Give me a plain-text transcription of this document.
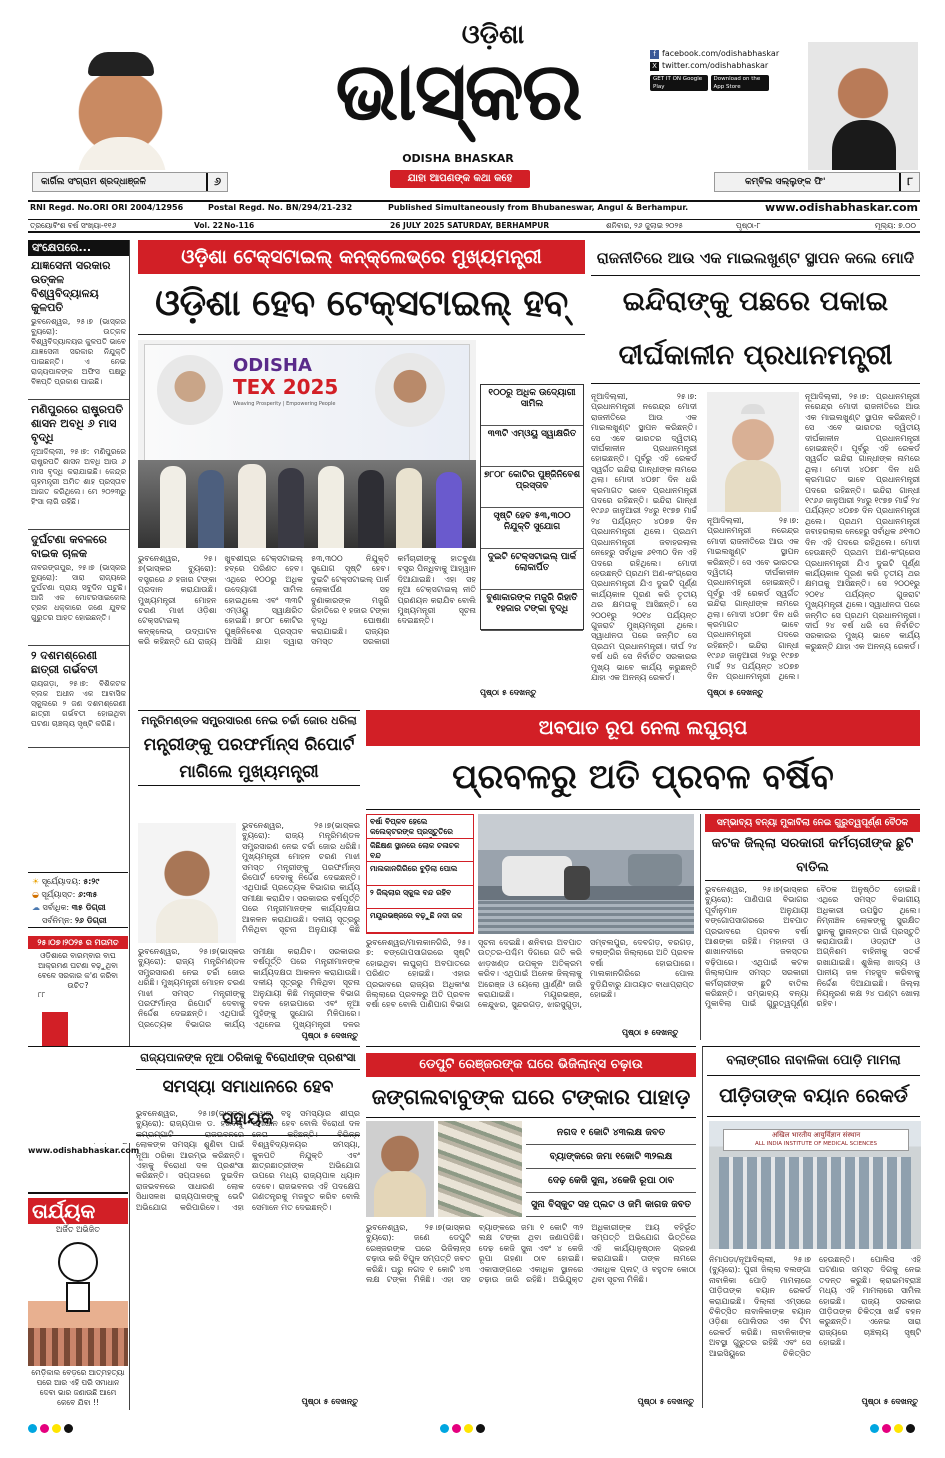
କାର୍ଗିଲ ସଂଗ୍ରାମ ଶ୍ରଦ୍ଧାଞ୍ଜଳି	୬
ଓଡ଼ିଶା
ଭାସ୍କର
ODISHA BHASKAR
ଯାହା ଆପଣଙ୍କ କଥା କହେ
f facebook.com/odishabhaskar
X twitter.com/odishabhaskar
GET IT ON Google Play Download on the App Store
କମ୍‌ବିଲ ସଲ୍ଲୁଙ୍କ ଫି'	୮
RNI Regd. No.ORI ORI 2004/12956	Postal Regd. No. BN/294/21-232	Published Simultaneously from Bhubaneswar, Angul & Berhampur.	www.odishabhaskar.com
ତ୍ରୟୋବିଂଶ ବର୍ଷ ସଂଖ୍ୟା-୧୧୬	Vol. 22 No-116	26 JULY 2025 SATURDAY, BERHAMPUR	ଶନିବାର, ୨୬ ଜୁଲାଇ ୨୦୨୫	ପୃଷ୍ଠା-୮	ମୂଲ୍ୟ: ୭.୦୦
ସଂକ୍ଷେପରେ...
ଯାଜ୍ଞସେନୀ ସରକାର ଉତ୍କଳ ବିଶ୍ୱବିଦ୍ୟାଳୟ କୁଳପତି
ଭୁବନେଶ୍ୱର, ୨୫।୭ (ଭାସ୍କର ବ୍ୟୁରୋ): ଉତ୍କଳ ବିଶ୍ୱବିଦ୍ୟାଳୟର କୁଳପତି ଭାବେ ଯାଜ୍ଞସେନୀ ସରକାର ନିଯୁକ୍ତି ପାଇଛନ୍ତି। ଏ ନେଇ ରାଜ୍ୟପାଳଙ୍କ ଅଫିସ ପକ୍ଷରୁ ବିଜ୍ଞପ୍ତି ପ୍ରକାଶ ପାଇଛି।
ମଣିପୁରରେ ରାଷ୍ଟ୍ରପତି ଶାସନ ଅବଧି ୬ ମାସ ବୃଦ୍ଧି
ନୂଆଦିଲ୍ଲୀ, ୨୫।୭: ମଣିପୁରରେ ରାଷ୍ଟ୍ରପତି ଶାସନ ଅବଧି ଆଉ ୬ ମାସ ବୃଦ୍ଧି କରାଯାଇଛି। କେନ୍ଦ୍ର ଗୃହମନ୍ତ୍ରୀ ଅମିତ ଶାହ ପ୍ରସ୍ତାବ ଆଗତ କରିଥିଲେ। ମେ ୨୦୨୩ରୁ ହିଂସା ଲାଗି ରହିଛି।
ଦୁର୍ଘଟଣା କବଳରେ ବାଇକ ଚାଳକ
ନାବରଙ୍ଗପୁର, ୨୫।୭ (ଭାସ୍କର ବ୍ୟୁରୋ): ସାରା ରାଜ୍ୟରେ ଦୁର୍ଘଟଣା ପ୍ରାୟ ସବୁଦିନ ଘଟୁଛି। ଆଜି ଏକ ମୋଟରସାଇକେଲ ଟ୍ରକ ଧକ୍କାରେ ଜଣେ ଯୁବକ ଗୁରୁତର ଆହତ ହୋଇଛନ୍ତି।
୨ ଦଶମଶ୍ରେଣୀ ଛାତ୍ରୀ ଗର୍ଭବତୀ
ରାୟଗଡ଼ା, ୨୫।୭: ବିଶିକଟକ ବ୍ଲକ ଅଧୀନ ଏକ ଆବାସିକ ସ୍କୁଲରେ ୨ ଜଣ ଦଶମଶ୍ରେଣୀ ଛାତ୍ରୀ ଗର୍ଭବତୀ ହୋଇଥିବା ଘଟଣା ଚାଞ୍ଚଲ୍ୟ ସୃଷ୍ଟି କରିଛି।
☀ ସୂର୍ଯ୍ୟୋଦୟ: ୫:୨୯
◒ ସୂର୍ଯ୍ୟାସ୍ତ: ୬:୩୫
☁ ସର୍ବାଧିକ: ୩୫ ଡିଗ୍ରୀ
ସର୍ବନିମ୍ନ: ୨୬ ଡିଗ୍ରୀ
୨୫।୦୭।୨୦୨୫ ର ମତାମତ
ଓଡ଼ିଶାରେ ବାରମ୍ବାର ବାଘ ଆକ୍ରମଣ ଘଟଣା ବଢ଼ୁଥିବା ବେଳେ ସରକାର କ'ଣ କରିବା ଉଚିତ?
୮୮

www.odishabhaskar.com
ତାର୍ଯ୍ୟକ
ଅର୍ଜିତ ଅଭିଜିତ
ମେଡ଼ିକାଲ ବେଡ଼ରେ ଆତ୍ମହତ୍ୟା ପରେ ଆର ଏହି ପରି ସମାଧାନ ଦେବା ଭାର ଜଣାଉଛି ଆମେ କେବେ ଯିବା !!
ଓଡ଼ିଶା ଟେକ୍ସଟାଇଲ୍ କନ୍‌କ୍ଲେଭ୍‌ରେ ମୁଖ୍ୟମନ୍ତ୍ରୀ
ଓଡ଼ିଶା ହେବ ଟେକ୍ସଟାଇଲ୍ ହବ୍
ODISHA
TEX 2025
Weaving Prosperity | Empowering People
୧୦୦ରୁ ଅଧିକ ଉଦ୍ୟୋଗୀ ସାମିଲ
୩୩ଟି ଏମ୍‌ଓୟୁ ସ୍ୱାକ୍ଷରିତ
୭୮୦୮ କୋଟିର ପୁଞ୍ଜିନିବେଶ ପ୍ରସ୍ତାବ
ସୃଷ୍ଟି ହେବ ୫୩,୩୦୦ ନିଯୁକ୍ତି ସୁଯୋଗ
ଦୁଇଟି ଟେକ୍ସଟାଇଲ୍ ପାର୍କ ଲୋକାର୍ପିତ
ବୁଣାକାରଙ୍କ ମଜୁରି ରିହାତି ୧ହଜାର ଟଙ୍କା ବୃଦ୍ଧି
ଭୁବନେଶ୍ୱର, ୨୫।୭(ଭାସ୍କର ବ୍ୟୁରୋ): ବସ୍ତ୍ରରେ ୬ ହଜାର ଟଙ୍କା ପ୍ରଦାନ କରାଯାଉଛି। ମୁଖ୍ୟମନ୍ତ୍ରୀ ମୋହନ ଚରଣ ମାଝୀ ଓଡ଼ିଶା ଟେକ୍ସଟାଇଲ୍ କନ୍‌କ୍ଲେଭ୍ ଉଦ୍‌ଘାଟନ କରି କହିଛନ୍ତି ଯେ ରାଜ୍ୟ ଖୁବଶୀଘ୍ର ଟେକ୍ସଟାଇଲ୍ ହବ୍‌ରେ ପରିଣତ ହେବ। ଏଥିରେ ୧୦୦ରୁ ଅଧିକ ଉଦ୍ୟୋଗୀ ସାମିଲ ହୋଇଥିଲେ ଏବଂ ୩୩ଟି ଏମ୍‌ଓୟୁ ସ୍ୱାକ୍ଷରିତ ହୋଇଛି। ୭୮୦୮ କୋଟିର ପୁଞ୍ଜିନିବେଶ ପ୍ରସ୍ତାବ ଆସିଛି ଯାହା ଦ୍ୱାରା ୫୩,୩୦୦ ନିଯୁକ୍ତି ସୁଯୋଗ ସୃଷ୍ଟି ହେବ। ଦୁଇଟି ଟେକ୍ସଟାଇଲ୍ ପାର୍କ ଲୋକାର୍ପଣ ସହ ବୁଣାକାରଙ୍କ ମଜୁରି ରିହାତିରେ ୧ ହଜାର ଟଙ୍କା ବୃଦ୍ଧି ଘୋଷଣା କରାଯାଇଛି। ରାଜ୍ୟର ସମସ୍ତ ସରକାରୀ କର୍ମଚାରୀଙ୍କୁ ହାତବୁଣା ବସ୍ତ୍ର ପିନ୍ଧିବାକୁ ଆହ୍ୱାନ ଦିଆଯାଇଛି। ଏହା ସହ ନୂଆ ଟେକ୍ସଟାଇଲ୍ ନୀତି ପ୍ରଣୟନ କରାଯିବ ବୋଲି ମୁଖ୍ୟମନ୍ତ୍ରୀ ସୂଚନା ଦେଇଛନ୍ତି।
ପୃଷ୍ଠା ୫ ଦେଖନ୍ତୁ
ରାଜନୀତିରେ ଆଉ ଏକ ମାଇଲଖୁଣ୍ଟ ସ୍ଥାପନ କଲେ ମୋଦି
ଇନ୍ଦିରାଙ୍କୁ ପଛରେ ପକାଇ
ଦୀର୍ଘକାଳୀନ ପ୍ରଧାନମନ୍ତ୍ରୀ
ନୂଆଦିଲ୍ଲୀ, ୨୫।୭: ପ୍ରଧାନମନ୍ତ୍ରୀ ନରେନ୍ଦ୍ର ମୋଦୀ ରାଜନୀତିରେ ଆଉ ଏକ ମାଇଲଖୁଣ୍ଟ ସ୍ଥାପନ କରିଛନ୍ତି। ସେ ଏବେ ଭାରତର ଦ୍ୱିତୀୟ ଦୀର୍ଘକାଳୀନ ପ୍ରଧାନମନ୍ତ୍ରୀ ହୋଇଛନ୍ତି। ପୂର୍ବରୁ ଏହି ରେକର୍ଡ ସ୍ୱର୍ଗତ ଇନ୍ଦିରା ଗାନ୍ଧୀଙ୍କ ନାମରେ ଥିଲା। ମୋଦୀ ୪୦୭୮ ଦିନ ଧରି କ୍ରମାଗତ ଭାବେ ପ୍ରଧାନମନ୍ତ୍ରୀ ପଦରେ ରହିଛନ୍ତି। ଇନ୍ଦିରା ଗାନ୍ଧୀ ୧୯୬୬ ଜାନୁଆରୀ ୨୪ରୁ ୧୯୭୭ ମାର୍ଚ୍ଚ ୨୪ ପର୍ଯ୍ୟନ୍ତ ୪୦୭୭ ଦିନ ପ୍ରଧାନମନ୍ତ୍ରୀ ଥିଲେ। ପ୍ରଥମ ପ୍ରଧାନମନ୍ତ୍ରୀ ଜବାହରଲାଲ ନେହେରୁ ସର୍ବାଧିକ ୬୧୩୦ ଦିନ ଏହି ପଦରେ ରହିଥିଲେ। ମୋଦୀ ହେଉଛନ୍ତି ପ୍ରଥମ ଅଣ-କଂଗ୍ରେସ ପ୍ରଧାନମନ୍ତ୍ରୀ ଯିଏ ଦୁଇଟି ପୂର୍ଣ୍ଣ କାର୍ଯ୍ୟକାଳ ପୂରଣ କରି ତୃତୀୟ ଥର କ୍ଷମତାକୁ ଆସିଛନ୍ତି। ସେ ୨୦୦୧ରୁ ୨୦୧୪ ପର୍ଯ୍ୟନ୍ତ ଗୁଜରାଟ ମୁଖ୍ୟମନ୍ତ୍ରୀ ଥିଲେ। ସ୍ୱାଧୀନତା ପରେ ଜନ୍ମିତ ସେ ପ୍ରଥମ ପ୍ରଧାନମନ୍ତ୍ରୀ। ଦୀର୍ଘ ୨୪ ବର୍ଷ ଧରି ସେ ନିର୍ବାଚିତ ସରକାରର ମୁଖ୍ୟ ଭାବେ କାର୍ଯ୍ୟ କରୁଛନ୍ତି ଯାହା ଏକ ଅନନ୍ୟ ରେକର୍ଡ।
ନୂଆଦିଲ୍ଲୀ, ୨୫।୭: ପ୍ରଧାନମନ୍ତ୍ରୀ ନରେନ୍ଦ୍ର ମୋଦୀ ରାଜନୀତିରେ ଆଉ ଏକ ମାଇଲଖୁଣ୍ଟ ସ୍ଥାପନ କରିଛନ୍ତି। ସେ ଏବେ ଭାରତର ଦ୍ୱିତୀୟ ଦୀର୍ଘକାଳୀନ ପ୍ରଧାନମନ୍ତ୍ରୀ ହୋଇଛନ୍ତି। ପୂର୍ବରୁ ଏହି ରେକର୍ଡ ସ୍ୱର୍ଗତ ଇନ୍ଦିରା ଗାନ୍ଧୀଙ୍କ ନାମରେ ଥିଲା। ମୋଦୀ ୪୦୭୮ ଦିନ ଧରି କ୍ରମାଗତ ଭାବେ ପ୍ରଧାନମନ୍ତ୍ରୀ ପଦରେ ରହିଛନ୍ତି। ଇନ୍ଦିରା ଗାନ୍ଧୀ ୧୯୬୬ ଜାନୁଆରୀ ୨୪ରୁ ୧୯୭୭ ମାର୍ଚ୍ଚ ୨୪ ପର୍ଯ୍ୟନ୍ତ ୪୦୭୭ ଦିନ ପ୍ରଧାନମନ୍ତ୍ରୀ ଥିଲେ। ପ୍ରଥମ ପ୍ରଧାନମନ୍ତ୍ରୀ ଜବାହରଲାଲ ନେହେରୁ ସର୍ବାଧିକ ୬୧୩୦ ଦିନ ଏହି ପଦରେ ରହିଥିଲେ। ମୋଦୀ ହେଉଛନ୍ତି ପ୍ରଥମ ଅଣ-କଂଗ୍ରେସ ପ୍ରଧାନମନ୍ତ୍ରୀ ଯିଏ ଦୁଇଟି ପୂର୍ଣ୍ଣ କାର୍ଯ୍ୟକାଳ ପୂରଣ କରି ତୃତୀୟ ଥର କ୍ଷମତାକୁ ଆସିଛନ୍ତି। ସେ ୨୦୦୧ରୁ ୨୦୧୪ ପର୍ଯ୍ୟନ୍ତ ଗୁଜରାଟ ମୁଖ୍ୟମନ୍ତ୍ରୀ ଥିଲେ। ସ୍ୱାଧୀନତା ପରେ ଜନ୍ମିତ ସେ ପ୍ରଥମ ପ୍ରଧାନମନ୍ତ୍ରୀ। ଦୀର୍ଘ ୨୪ ବର୍ଷ ଧରି ସେ ନିର୍ବାଚିତ ସରକାରର ମୁଖ୍ୟ ଭାବେ କାର୍ଯ୍ୟ କରୁଛନ୍ତି ଯାହା ଏକ ଅନନ୍ୟ ରେକର୍ଡ।
ନୂଆଦିଲ୍ଲୀ, ୨୫।୭: ପ୍ରଧାନମନ୍ତ୍ରୀ ନରେନ୍ଦ୍ର ମୋଦୀ ରାଜନୀତିରେ ଆଉ ଏକ ମାଇଲଖୁଣ୍ଟ ସ୍ଥାପନ କରିଛନ୍ତି। ସେ ଏବେ ଭାରତର ଦ୍ୱିତୀୟ ଦୀର୍ଘକାଳୀନ ପ୍ରଧାନମନ୍ତ୍ରୀ ହୋଇଛନ୍ତି। ପୂର୍ବରୁ ଏହି ରେକର୍ଡ ସ୍ୱର୍ଗତ ଇନ୍ଦିରା ଗାନ୍ଧୀଙ୍କ ନାମରେ ଥିଲା। ମୋଦୀ ୪୦୭୮ ଦିନ ଧରି କ୍ରମାଗତ ଭାବେ ପ୍ରଧାନମନ୍ତ୍ରୀ ପଦରେ ରହିଛନ୍ତି। ଇନ୍ଦିରା ଗାନ୍ଧୀ ୧୯୬୬ ଜାନୁଆରୀ ୨୪ରୁ ୧୯୭୭ ମାର୍ଚ୍ଚ ୨୪ ପର୍ଯ୍ୟନ୍ତ ୪୦୭୭ ଦିନ ପ୍ରଧାନମନ୍ତ୍ରୀ ଥିଲେ।
ପୃଷ୍ଠା ୫ ଦେଖନ୍ତୁ
ମନ୍ତ୍ରିମଣ୍ଡଳ ସମ୍ପ୍ରସାରଣ ନେଇ ଚର୍ଚ୍ଚା ଜୋର ଧରିଲା
ମନ୍ତ୍ରୀଙ୍କୁ ପରଫର୍ମାନ୍ସ ରିପୋର୍ଟ
ମାଗିଲେ ମୁଖ୍ୟମନ୍ତ୍ରୀ
ଭୁବନେଶ୍ୱର, ୨୫।୭(ଭାସ୍କର ବ୍ୟୁରୋ): ରାଜ୍ୟ ମନ୍ତ୍ରିମଣ୍ଡଳ ସମ୍ପ୍ରସାରଣ ନେଇ ଚର୍ଚ୍ଚା ଜୋର ଧରିଛି। ମୁଖ୍ୟମନ୍ତ୍ରୀ ମୋହନ ଚରଣ ମାଝୀ ସମସ୍ତ ମନ୍ତ୍ରୀଙ୍କୁ ପରଫର୍ମାନ୍ସ ରିପୋର୍ଟ ଦେବାକୁ ନିର୍ଦ୍ଦେଶ ଦେଇଛନ୍ତି। ଏଥିପାଇଁ ପ୍ରତ୍ୟେକ ବିଭାଗର କାର୍ଯ୍ୟ ସମୀକ୍ଷା କରାଯିବ। ସରକାରର ବର୍ଷପୂର୍ତ୍ତି ପରେ ମନ୍ତ୍ରୀମାନଙ୍କ କାର୍ଯ୍ୟଦକ୍ଷତା ଆକଳନ କରାଯାଉଛି। ଦଳୀୟ ସୂତ୍ରରୁ ମିଳିଥିବା ସୂଚନା ଅନୁଯାୟୀ କିଛି
ଭୁବନେଶ୍ୱର, ୨୫।୭(ଭାସ୍କର ବ୍ୟୁରୋ): ରାଜ୍ୟ ମନ୍ତ୍ରିମଣ୍ଡଳ ସମ୍ପ୍ରସାରଣ ନେଇ ଚର୍ଚ୍ଚା ଜୋର ଧରିଛି। ମୁଖ୍ୟମନ୍ତ୍ରୀ ମୋହନ ଚରଣ ମାଝୀ ସମସ୍ତ ମନ୍ତ୍ରୀଙ୍କୁ ପରଫର୍ମାନ୍ସ ରିପୋର୍ଟ ଦେବାକୁ ନିର୍ଦ୍ଦେଶ ଦେଇଛନ୍ତି। ଏଥିପାଇଁ ପ୍ରତ୍ୟେକ ବିଭାଗର କାର୍ଯ୍ୟ ସମୀକ୍ଷା କରାଯିବ। ସରକାରର ବର୍ଷପୂର୍ତ୍ତି ପରେ ମନ୍ତ୍ରୀମାନଙ୍କ କାର୍ଯ୍ୟଦକ୍ଷତା ଆକଳନ କରାଯାଉଛି। ଦଳୀୟ ସୂତ୍ରରୁ ମିଳିଥିବା ସୂଚନା ଅନୁଯାୟୀ କିଛି ମନ୍ତ୍ରୀଙ୍କ ବିଭାଗ ବଦଳ ହୋଇପାରେ ଏବଂ ନୂଆ ମୁହଁଙ୍କୁ ସୁଯୋଗ ମିଳିପାରେ। ଏଥିନେଇ ମୁଖ୍ୟମନ୍ତ୍ରୀ ଦଳର
ପୃଷ୍ଠା ୫ ଦେଖନ୍ତୁ
ଅବପାତ ରୂପ ନେଲା ଲଘୁଚାପ
ପ୍ରବଳରୁ ଅତି ପ୍ରବଳ ବର୍ଷିବ
ବର୍ଷା ବିପ୍ଳବ ହେଲେ କଲେକ୍ଟରଙ୍କ ପ୍ରସ୍ତୁତିରେ
କିଛିକ୍ଷଣ ସ୍ଥାନରେ ଲୋକ ଚଳାଚଳ ବନ୍ଦ
ମାଲକାନଗିରିରେ ବୁଡ଼ିଲା ପୋଲ
୨ ଜିଲ୍ଲାର ସ୍କୁଲ ବନ୍ଦ ରହିବ
ମୟୂରଭଞ୍ଜରେ ବଢ଼ୁଛି ନଦୀ ଜଳ
ଭୁବନେଶ୍ୱର/ମାଲକାନଗିରି, ୨୫।୭: ବଙ୍ଗୋପସାଗରରେ ସୃଷ୍ଟି ହୋଇଥିବା ଲଘୁଚାପ ଅବପାତରେ ପରିଣତ ହୋଇଛି। ଏହାର ପ୍ରଭାବରେ ରାଜ୍ୟର ଅଧିକାଂଶ ଜିଲ୍ଲାରେ ପ୍ରବଳରୁ ଅତି ପ୍ରବଳ ବର୍ଷା ହେବ ବୋଲି ପାଣିପାଗ ବିଭାଗ ସୂଚନା ଦେଇଛି। ଶନିବାର ଅବପାତ ଉତ୍ତର-ପଶ୍ଚିମ ଦିଗରେ ଗତି କରି ଝାଡ଼ଖଣ୍ଡ ଉପକୂଳ ଅତିକ୍ରମ କରିବ। ଏଥିପାଇଁ ଅନେକ ଜିଲ୍ଲାକୁ ଅରେଞ୍ଜ ଓ ୟେଲୋ ୱାର୍ଣ୍ଣିଂ ଜାରି କରାଯାଇଛି। ମୟୂରଭଞ୍ଜ, କେନ୍ଦୁଝର, ସୁନ୍ଦରଗଡ଼, ଝାରସୁଗୁଡ଼ା, ସମ୍ବଲପୁର, ଦେବଗଡ଼, ବରଗଡ଼, ବଲାଙ୍ଗିର ଜିଲ୍ଲାରେ ଅତି ପ୍ରବଳ ବର୍ଷା ହୋଇପାରେ। ମାଲକାନଗିରିରେ ପୋଲ ବୁଡ଼ିଯିବାରୁ ଯାତାୟାତ ବାଧାପ୍ରାପ୍ତ ହୋଇଛି।
ପୃଷ୍ଠା ୫ ଦେଖନ୍ତୁ
ସମ୍ଭାବ୍ୟ ବନ୍ୟା ମୁକାବିଲା ନେଇ ଗୁରୁତ୍ୱପୂର୍ଣ୍ଣ ବୈଠକ
କଟକ ଜିଲ୍ଲା ସରକାରୀ କର୍ମଚାରୀଙ୍କ ଛୁଟି ବାତିଲ
ଭୁବନେଶ୍ୱର, ୨୫।୭(ଭାସ୍କର ବ୍ୟୁରୋ): ପାଣିପାଗ ବିଭାଗର ପୂର୍ବାନୁମାନ ଅନୁଯାୟୀ ବଙ୍ଗୋପସାଗରରେ ଅବପାତ ପ୍ରଭାବରେ ପ୍ରବଳ ବର୍ଷା ଆଶଙ୍କା ରହିଛି। ମହାନଦୀ ଓ ଶାଖାନଦୀରେ ଜଳସ୍ତର ବଢ଼ିପାରେ। ଏଥିପାଇଁ କଟକ ଜିଲ୍ଲାପାଳ ସମସ୍ତ ସରକାରୀ କର୍ମଚାରୀଙ୍କ ଛୁଟି ବାତିଲ କରିଛନ୍ତି। ସମ୍ଭାବ୍ୟ ବନ୍ୟା ମୁକାବିଲା ପାଇଁ ଗୁରୁତ୍ୱପୂର୍ଣ୍ଣ ବୈଠକ ଅନୁଷ୍ଠିତ ହୋଇଛି। ଏଥିରେ ସମସ୍ତ ବିଭାଗୀୟ ଅଧିକାରୀ ଉପସ୍ଥିତ ଥିଲେ। ନିମ୍ନାଞ୍ଚଳ ଲୋକଙ୍କୁ ସୁରକ୍ଷିତ ସ୍ଥାନକୁ ସ୍ଥାନାନ୍ତର ପାଇଁ ପ୍ରସ୍ତୁତି କରାଯାଉଛି। ଓଡ୍ରାଫ ଓ ଅଗ୍ନିଶମ ବାହିନୀକୁ ସତର୍କ ରଖାଯାଇଛି। ଶୁଖିଲା ଖାଦ୍ୟ ଓ ପାନୀୟ ଜଳ ମହଜୁଦ କରିବାକୁ ନିର୍ଦ୍ଦେଶ ଦିଆଯାଇଛି। ଜିଲ୍ଲା ନିୟନ୍ତ୍ରଣ କକ୍ଷ ୨୪ ଘଣ୍ଟା ଖୋଲା ରହିବ।
ରାଜ୍ୟପାଳଙ୍କ ନୂଆ ଠରିକାକୁ ବିରୋଧୀଙ୍କ ପ୍ରଶଂସା
ସମସ୍ୟା ସମାଧାନରେ ହେବ ସହାୟକ
ଭୁବନେଶ୍ୱର, ୨୫।୭(ଭାସ୍କର ବ୍ୟୁରୋ): ରାଜ୍ୟପାଳ ଡ. ହରିବାବୁ କମ୍ଭମ୍ପାଟି ରାଜଭବନରେ ଲୋକଙ୍କ ସମସ୍ୟା ଶୁଣିବା ପାଇଁ ନୂଆ ଠରିକା ଆରମ୍ଭ କରିଛନ୍ତି। ଏହାକୁ ବିରୋଧୀ ଦଳ ପ୍ରଶଂସା କରିଛନ୍ତି। ସପ୍ତାହରେ ଦୁଇଦିନ ରାଜଭବନରେ ସାଧାରଣ ଲୋକ ସିଧାସଳଖ ରାଜ୍ୟପାଳଙ୍କୁ ଭେଟି ଅଭିଯୋଗ କରିପାରିବେ। ଏହା ଦ୍ୱାରା ବହୁ ସମସ୍ୟାର ଶୀଘ୍ର ସମାଧାନ ହେବ ବୋଲି ବିରୋଧୀ ଦଳ ନେତା କହିଛନ୍ତି। ବିଭିନ୍ନ ବିଶ୍ୱବିଦ୍ୟାଳୟର ସମସ୍ୟା, କୁଳପତି ନିଯୁକ୍ତି ଏବଂ ଛାତ୍ରଛାତ୍ରୀଙ୍କ ଅଭିଯୋଗ ଉପରେ ମଧ୍ୟ ରାଜ୍ୟପାଳ ଧ୍ୟାନ ଦେବେ। ରାଜଭବନର ଏହି ପଦକ୍ଷେପ ଗଣତନ୍ତ୍ରକୁ ମଜବୁତ କରିବ ବୋଲି ସେମାନେ ମତ ଦେଇଛନ୍ତି।
ପୃଷ୍ଠା ୫ ଦେଖନ୍ତୁ
ଡେପୁଟି ରେଞ୍ଜରଙ୍କ ଘରେ ଭିଜିଲାନ୍ସ ଚଢ଼ାଉ
ଜଙ୍ଗଲବାବୁଙ୍କ ଘରେ ଟଙ୍କାର ପାହାଡ଼
ନଗଦ ୧ କୋଟି ୪୩ଲକ୍ଷ ଜବତ
ବ୍ୟାଙ୍କରେ ଜମା ୧କୋଟି ୩୨ଲକ୍ଷ
ଦେଢ଼ କେଜି ସୁନା, ୪କେଜି ରୂପା ଠାବ
ସୁନା ବିସ୍କୁଟ ସହ ପ୍ଲଟ ଓ ଜମି କାଗଜ ଜବତ
ଭୁବନେଶ୍ୱର, ୨୫।୭(ଭାସ୍କର ବ୍ୟୁରୋ): ଜଣେ ଡେପୁଟି ରେଞ୍ଜରଙ୍କ ଘରେ ଭିଜିଲାନ୍ସ ଚଢ଼ାଉ କରି ବିପୁଳ ସମ୍ପତ୍ତି ଜବତ କରିଛି। ଘରୁ ନଗଦ ୧ କୋଟି ୪୩ ଲକ୍ଷ ଟଙ୍କା ମିଳିଛି। ଏହା ସହ ବ୍ୟାଙ୍କରେ ଜମା ୧ କୋଟି ୩୨ ଲକ୍ଷ ଟଙ୍କା ଥିବା ଜଣାପଡ଼ିଛି। ଦେଢ଼ କେଜି ସୁନା ଏବଂ ୪ କେଜି ରୂପା ଗହଣା ଠାବ ହୋଇଛି। ଏକାସାଙ୍ଗରେ ଏକାଧିକ ସ୍ଥାନରେ ଚଢ଼ାଉ ଜାରି ରହିଛି। ଅଭିଯୁକ୍ତ ଅଧିକାରୀଙ୍କ ଆୟ ବହିର୍ଭୂତ ସମ୍ପତ୍ତି ଅଭିଯୋଗ ଭିତ୍ତିରେ ଏହି କାର୍ଯ୍ୟାନୁଷ୍ଠାନ ଗ୍ରହଣ କରାଯାଇଛି। ତାଙ୍କ ନାମରେ ଏକାଧିକ ପ୍ଲଟ୍ ଓ ବହୁତଳ କୋଠା ଥିବା ସୂଚନା ମିଳିଛି।
ପୃଷ୍ଠା ୫ ଦେଖନ୍ତୁ
ବଲାଙ୍ଗୀର ନାବାଳିକା ପୋଡ଼ି ମାମଲା
ପୀଡ଼ିତାଙ୍କ ବୟାନ ରେକର୍ଡ
अखिल भारतीय आयुर्विज्ञान संस्थान
ALL INDIA INSTITUTE OF MEDICAL SCIENCES
ନିମାପଡ଼ା/ନୂଆଦିଲ୍ଲୀ, ୨୫।୭ (ବ୍ୟୁରୋ): ପୁରୀ ଜିଲ୍ଲା ବଲଙ୍ଗା ନାବାଳିକା ପୋଡ଼ି ମାମଲାରେ ପୀଡ଼ିତାଙ୍କ ବୟାନ ରେକର୍ଡ କରାଯାଇଛି। ଦିଲ୍ଲୀ ଏମ୍ସରେ ଚିକିତ୍ସିତ ନାବାଳିକାଙ୍କ ବୟାନ ଓଡ଼ିଶା ପୋଲିସର ଏକ ଟିମ ରେକର୍ଡ କରିଛି। ନାବାଳିକାଙ୍କ ଅବସ୍ଥା ଗୁରୁତର ରହିଛି ଏବଂ ସେ ଆଇସିୟୁରେ ଚିକିତ୍ସିତ ହେଉଛନ୍ତି। ପୋଲିସ ଏହି ଘଟଣାର ସମସ୍ତ ଦିଗକୁ ନେଇ ତଦନ୍ତ କରୁଛି। କ୍ରାଇମବ୍ରାଞ୍ଚ ମଧ୍ୟ ଏହି ମାମଲାରେ ସାମିଲ ହୋଇଛି। ରାଜ୍ୟ ସରକାର ପୀଡ଼ିତାଙ୍କ ଚିକିତ୍ସା ଖର୍ଚ୍ଚ ବହନ କରୁଛନ୍ତି। ଏନେଇ ସାରା ରାଜ୍ୟରେ ଚାଞ୍ଚଲ୍ୟ ସୃଷ୍ଟି ହୋଇଛି।
ପୃଷ୍ଠା ୫ ଦେଖନ୍ତୁ
